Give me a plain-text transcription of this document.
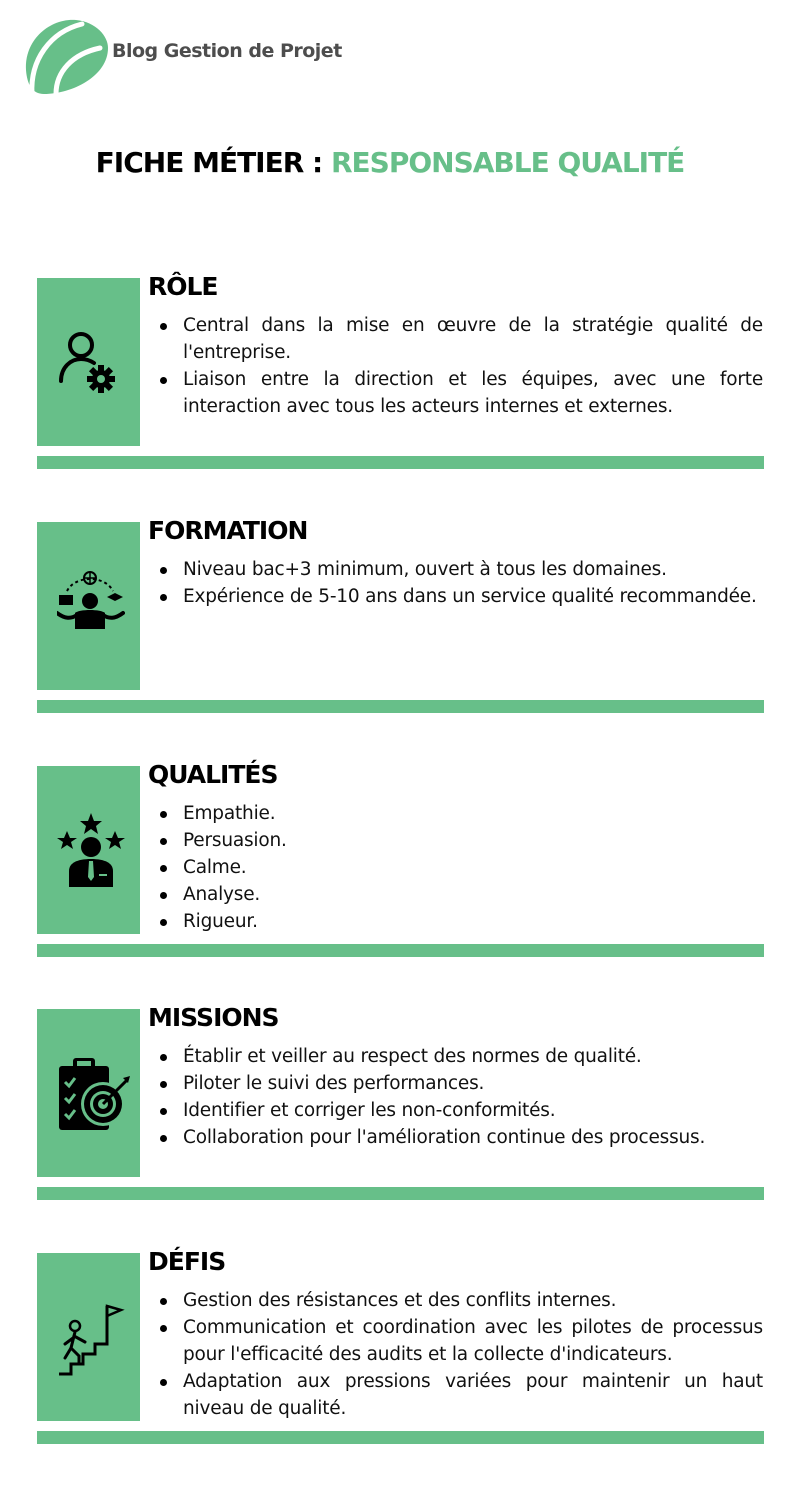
Blog Gestion de Projet
FICHE MÉTIER : RESPONSABLE QUALITÉ
RÔLE
Central dans la mise en œuvre de la stratégie qualité de l'entreprise.
Liaison entre la direction et les équipes, avec une forte interaction avec tous les acteurs internes et externes.
FORMATION
Niveau bac+3 minimum, ouvert à tous les domaines.
Expérience de 5-10 ans dans un service qualité recommandée.
QUALITÉS
Empathie.
Persuasion.
Calme.
Analyse.
Rigueur.
MISSIONS
Établir et veiller au respect des normes de qualité.
Piloter le suivi des performances.
Identifier et corriger les non-conformités.
Collaboration pour l'amélioration continue des processus.
DÉFIS
Gestion des résistances et des conflits internes.
Communication et coordination avec les pilotes de processus pour l'efficacité des audits et la collecte d'indicateurs.
Adaptation aux pressions variées pour maintenir un haut niveau de qualité.
